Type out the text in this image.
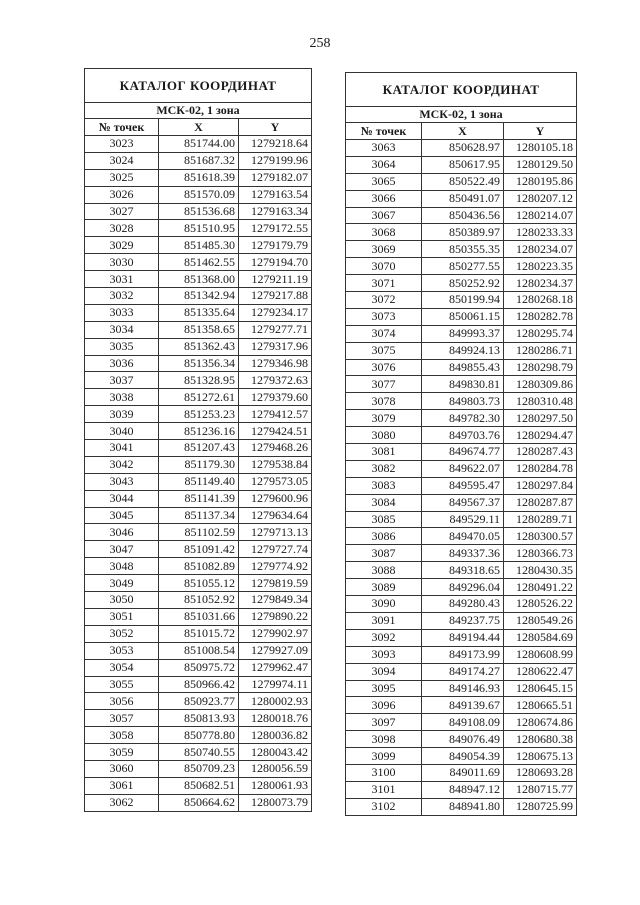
258
КАТАЛОГ КООРДИНАТ		
МСК-02, 1 зона		
№ точек	X	Y
3023	851744.00	1279218.64
3024	851687.32	1279199.96
3025	851618.39	1279182.07
3026	851570.09	1279163.54
3027	851536.68	1279163.34
3028	851510.95	1279172.55
3029	851485.30	1279179.79
3030	851462.55	1279194.70
3031	851368.00	1279211.19
3032	851342.94	1279217.88
3033	851335.64	1279234.17
3034	851358.65	1279277.71
3035	851362.43	1279317.96
3036	851356.34	1279346.98
3037	851328.95	1279372.63
3038	851272.61	1279379.60
3039	851253.23	1279412.57
3040	851236.16	1279424.51
3041	851207.43	1279468.26
3042	851179.30	1279538.84
3043	851149.40	1279573.05
3044	851141.39	1279600.96
3045	851137.34	1279634.64
3046	851102.59	1279713.13
3047	851091.42	1279727.74
3048	851082.89	1279774.92
3049	851055.12	1279819.59
3050	851052.92	1279849.34
3051	851031.66	1279890.22
3052	851015.72	1279902.97
3053	851008.54	1279927.09
3054	850975.72	1279962.47
3055	850966.42	1279974.11
3056	850923.77	1280002.93
3057	850813.93	1280018.76
3058	850778.80	1280036.82
3059	850740.55	1280043.42
3060	850709.23	1280056.59
3061	850682.51	1280061.93
3062	850664.62	1280073.79
КАТАЛОГ КООРДИНАТ		
МСК-02, 1 зона		
№ точек	X	Y
3063	850628.97	1280105.18
3064	850617.95	1280129.50
3065	850522.49	1280195.86
3066	850491.07	1280207.12
3067	850436.56	1280214.07
3068	850389.97	1280233.33
3069	850355.35	1280234.07
3070	850277.55	1280223.35
3071	850252.92	1280234.37
3072	850199.94	1280268.18
3073	850061.15	1280282.78
3074	849993.37	1280295.74
3075	849924.13	1280286.71
3076	849855.43	1280298.79
3077	849830.81	1280309.86
3078	849803.73	1280310.48
3079	849782.30	1280297.50
3080	849703.76	1280294.47
3081	849674.77	1280287.43
3082	849622.07	1280284.78
3083	849595.47	1280297.84
3084	849567.37	1280287.87
3085	849529.11	1280289.71
3086	849470.05	1280300.57
3087	849337.36	1280366.73
3088	849318.65	1280430.35
3089	849296.04	1280491.22
3090	849280.43	1280526.22
3091	849237.75	1280549.26
3092	849194.44	1280584.69
3093	849173.99	1280608.99
3094	849174.27	1280622.47
3095	849146.93	1280645.15
3096	849139.67	1280665.51
3097	849108.09	1280674.86
3098	849076.49	1280680.38
3099	849054.39	1280675.13
3100	849011.69	1280693.28
3101	848947.12	1280715.77
3102	848941.80	1280725.99
